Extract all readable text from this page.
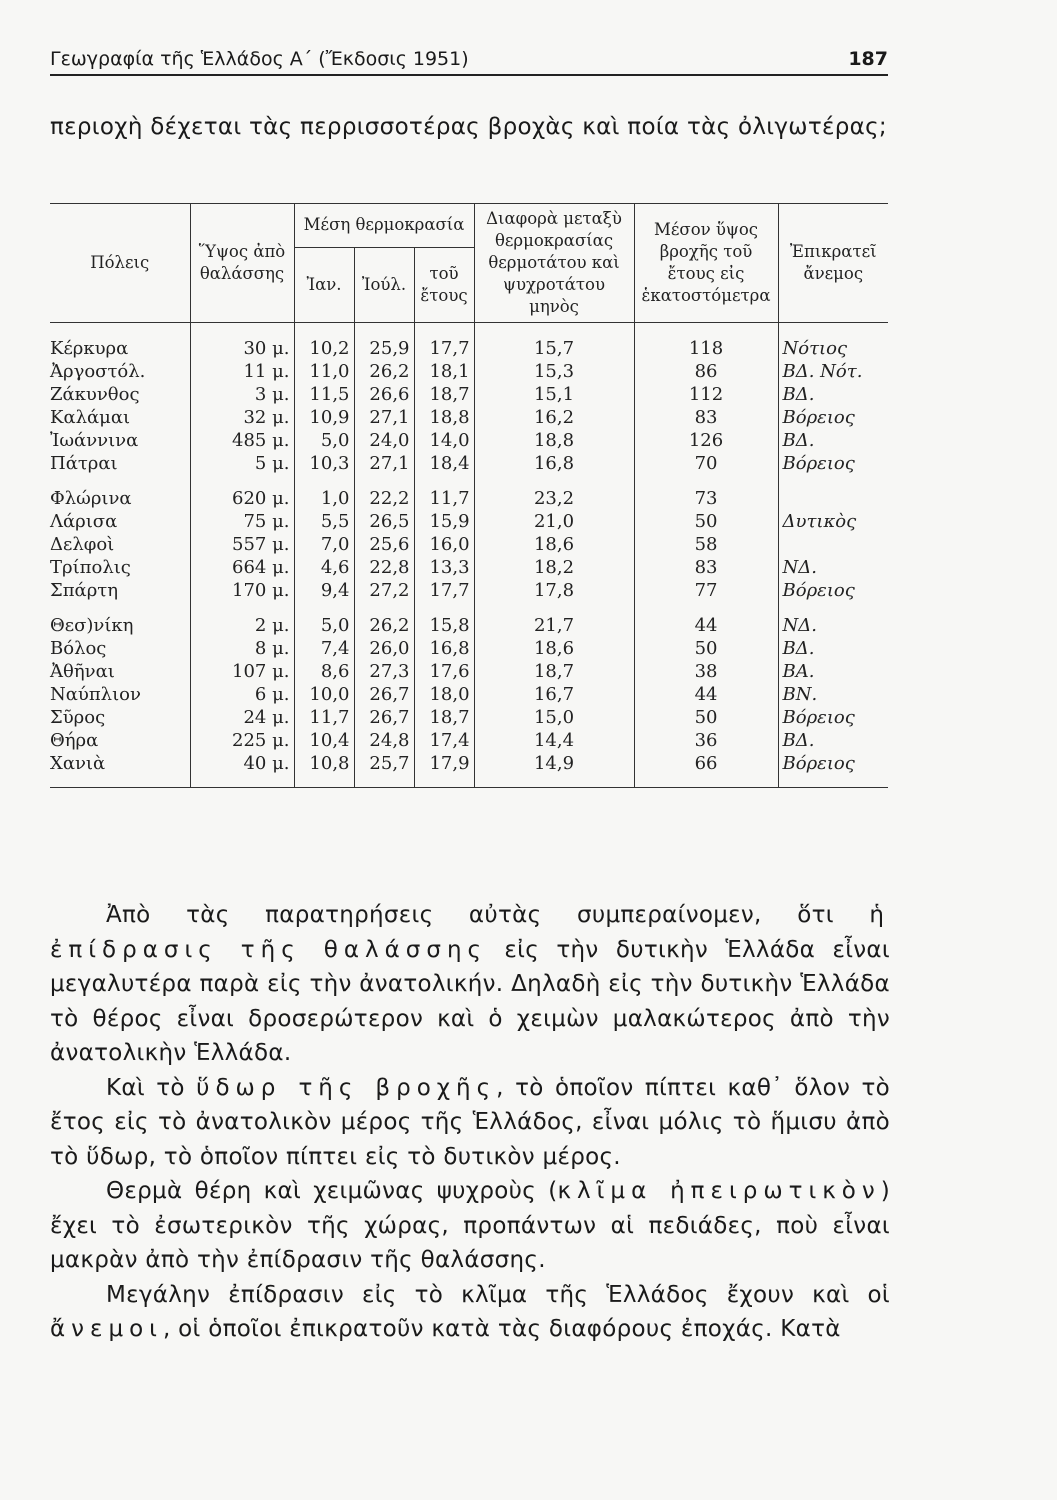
Γεωγραφία τῆς Ἑλλάδος Α΄ (Ἔκδοσις 1951)	187
περιοχὴ δέχεται τὰς περρισσοτέρας βροχὰς καὶ ποία τὰς ὀλιγωτέρας;
Πόλεις	Ὕψος ἀπὸ θαλάσσης	Μέση θερμοκρασία			Διαφορὰ μεταξὺ θερμοκρασίας θερμοτάτου καὶ ψυχροτάτου μηνὸς	Μέσον ὕψος βροχῆς τοῦ ἔτους εἰς ἑκατοστόμετρα	Ἐπικρατεῖ ἄνεμος
		Ἰαν.	Ἰούλ.	τοῦ ἔτους			

Κέρκυρα	30 μ.	10,2	25,9	17,7	15,7	118	Νότιος
Ἀργοστόλ.	11 μ.	11,0	26,2	18,1	15,3	86	ΒΔ. Νότ.
Ζάκυνθος	3 μ.	11,5	26,6	18,7	15,1	112	ΒΔ.
Καλάμαι	32 μ.	10,9	27,1	18,8	16,2	83	Βόρειος
Ἰωάννινα	485 μ.	5,0	24,0	14,0	18,8	126	ΒΔ.
Πάτραι	5 μ.	10,3	27,1	18,4	16,8	70	Βόρειος

Φλώρινα	620 μ.	1,0	22,2	11,7	23,2	73	
Λάρισα	75 μ.	5,5	26,5	15,9	21,0	50	Δυτικὸς
Δελφοὶ	557 μ.	7,0	25,6	16,0	18,6	58	
Τρίπολις	664 μ.	4,6	22,8	13,3	18,2	83	ΝΔ.
Σπάρτη	170 μ.	9,4	27,2	17,7	17,8	77	Βόρειος

Θεσ)νίκη	2 μ.	5,0	26,2	15,8	21,7	44	ΝΔ.
Βόλος	8 μ.	7,4	26,0	16,8	18,6	50	ΒΔ.
Ἀθῆναι	107 μ.	8,6	27,3	17,6	18,7	38	ΒΑ.
Ναύπλιον	6 μ.	10,0	26,7	18,0	16,7	44	ΒΝ.
Σῦρος	24 μ.	11,7	26,7	18,7	15,0	50	Βόρειος
Θήρα	225 μ.	10,4	24,8	17,4	14,4	36	ΒΔ.
Χανιὰ	40 μ.	10,8	25,7	17,9	14,9	66	Βόρειος

Ἀπὸ τὰς παρατηρήσεις αὐτὰς συμπεραίνομεν, ὅτι ἡ ἐπίδρασις τῆς θαλάσσης εἰς τὴν δυτικὴν Ἑλλάδα εἶναι μεγαλυτέρα παρὰ εἰς τὴν ἀνατολικήν. Δηλαδὴ εἰς τὴν δυτικὴν Ἑλλάδα τὸ θέρος εἶναι δροσερώτερον καὶ ὁ χειμὼν μαλακώτερος ἀπὸ τὴν ἀνατολικὴν Ἑλλάδα.

Καὶ τὸ ὕδωρ τῆς βροχῆς, τὸ ὁποῖον πίπτει καθ᾿ ὅλον τὸ ἔτος εἰς τὸ ἀνατολικὸν μέρος τῆς Ἑλλάδος, εἶναι μόλις τὸ ἥμισυ ἀπὸ τὸ ὕδωρ, τὸ ὁποῖον πίπτει εἰς τὸ δυτικὸν μέρος.

Θερμὰ θέρη καὶ χειμῶνας ψυχροὺς (κλῖμα ἠπειρωτικὸν) ἔχει τὸ ἐσωτερικὸν τῆς χώρας, προπάντων αἱ πεδιάδες, ποὺ εἶναι μακρὰν ἀπὸ τὴν ἐπίδρασιν τῆς θαλάσσης.

Μεγάλην ἐπίδρασιν εἰς τὸ κλῖμα τῆς Ἑλλάδος ἔχουν καὶ οἱ ἄνεμοι, οἱ ὁποῖοι ἐπικρατοῦν κατὰ τὰς διαφόρους ἐποχάς. Κατὰ
